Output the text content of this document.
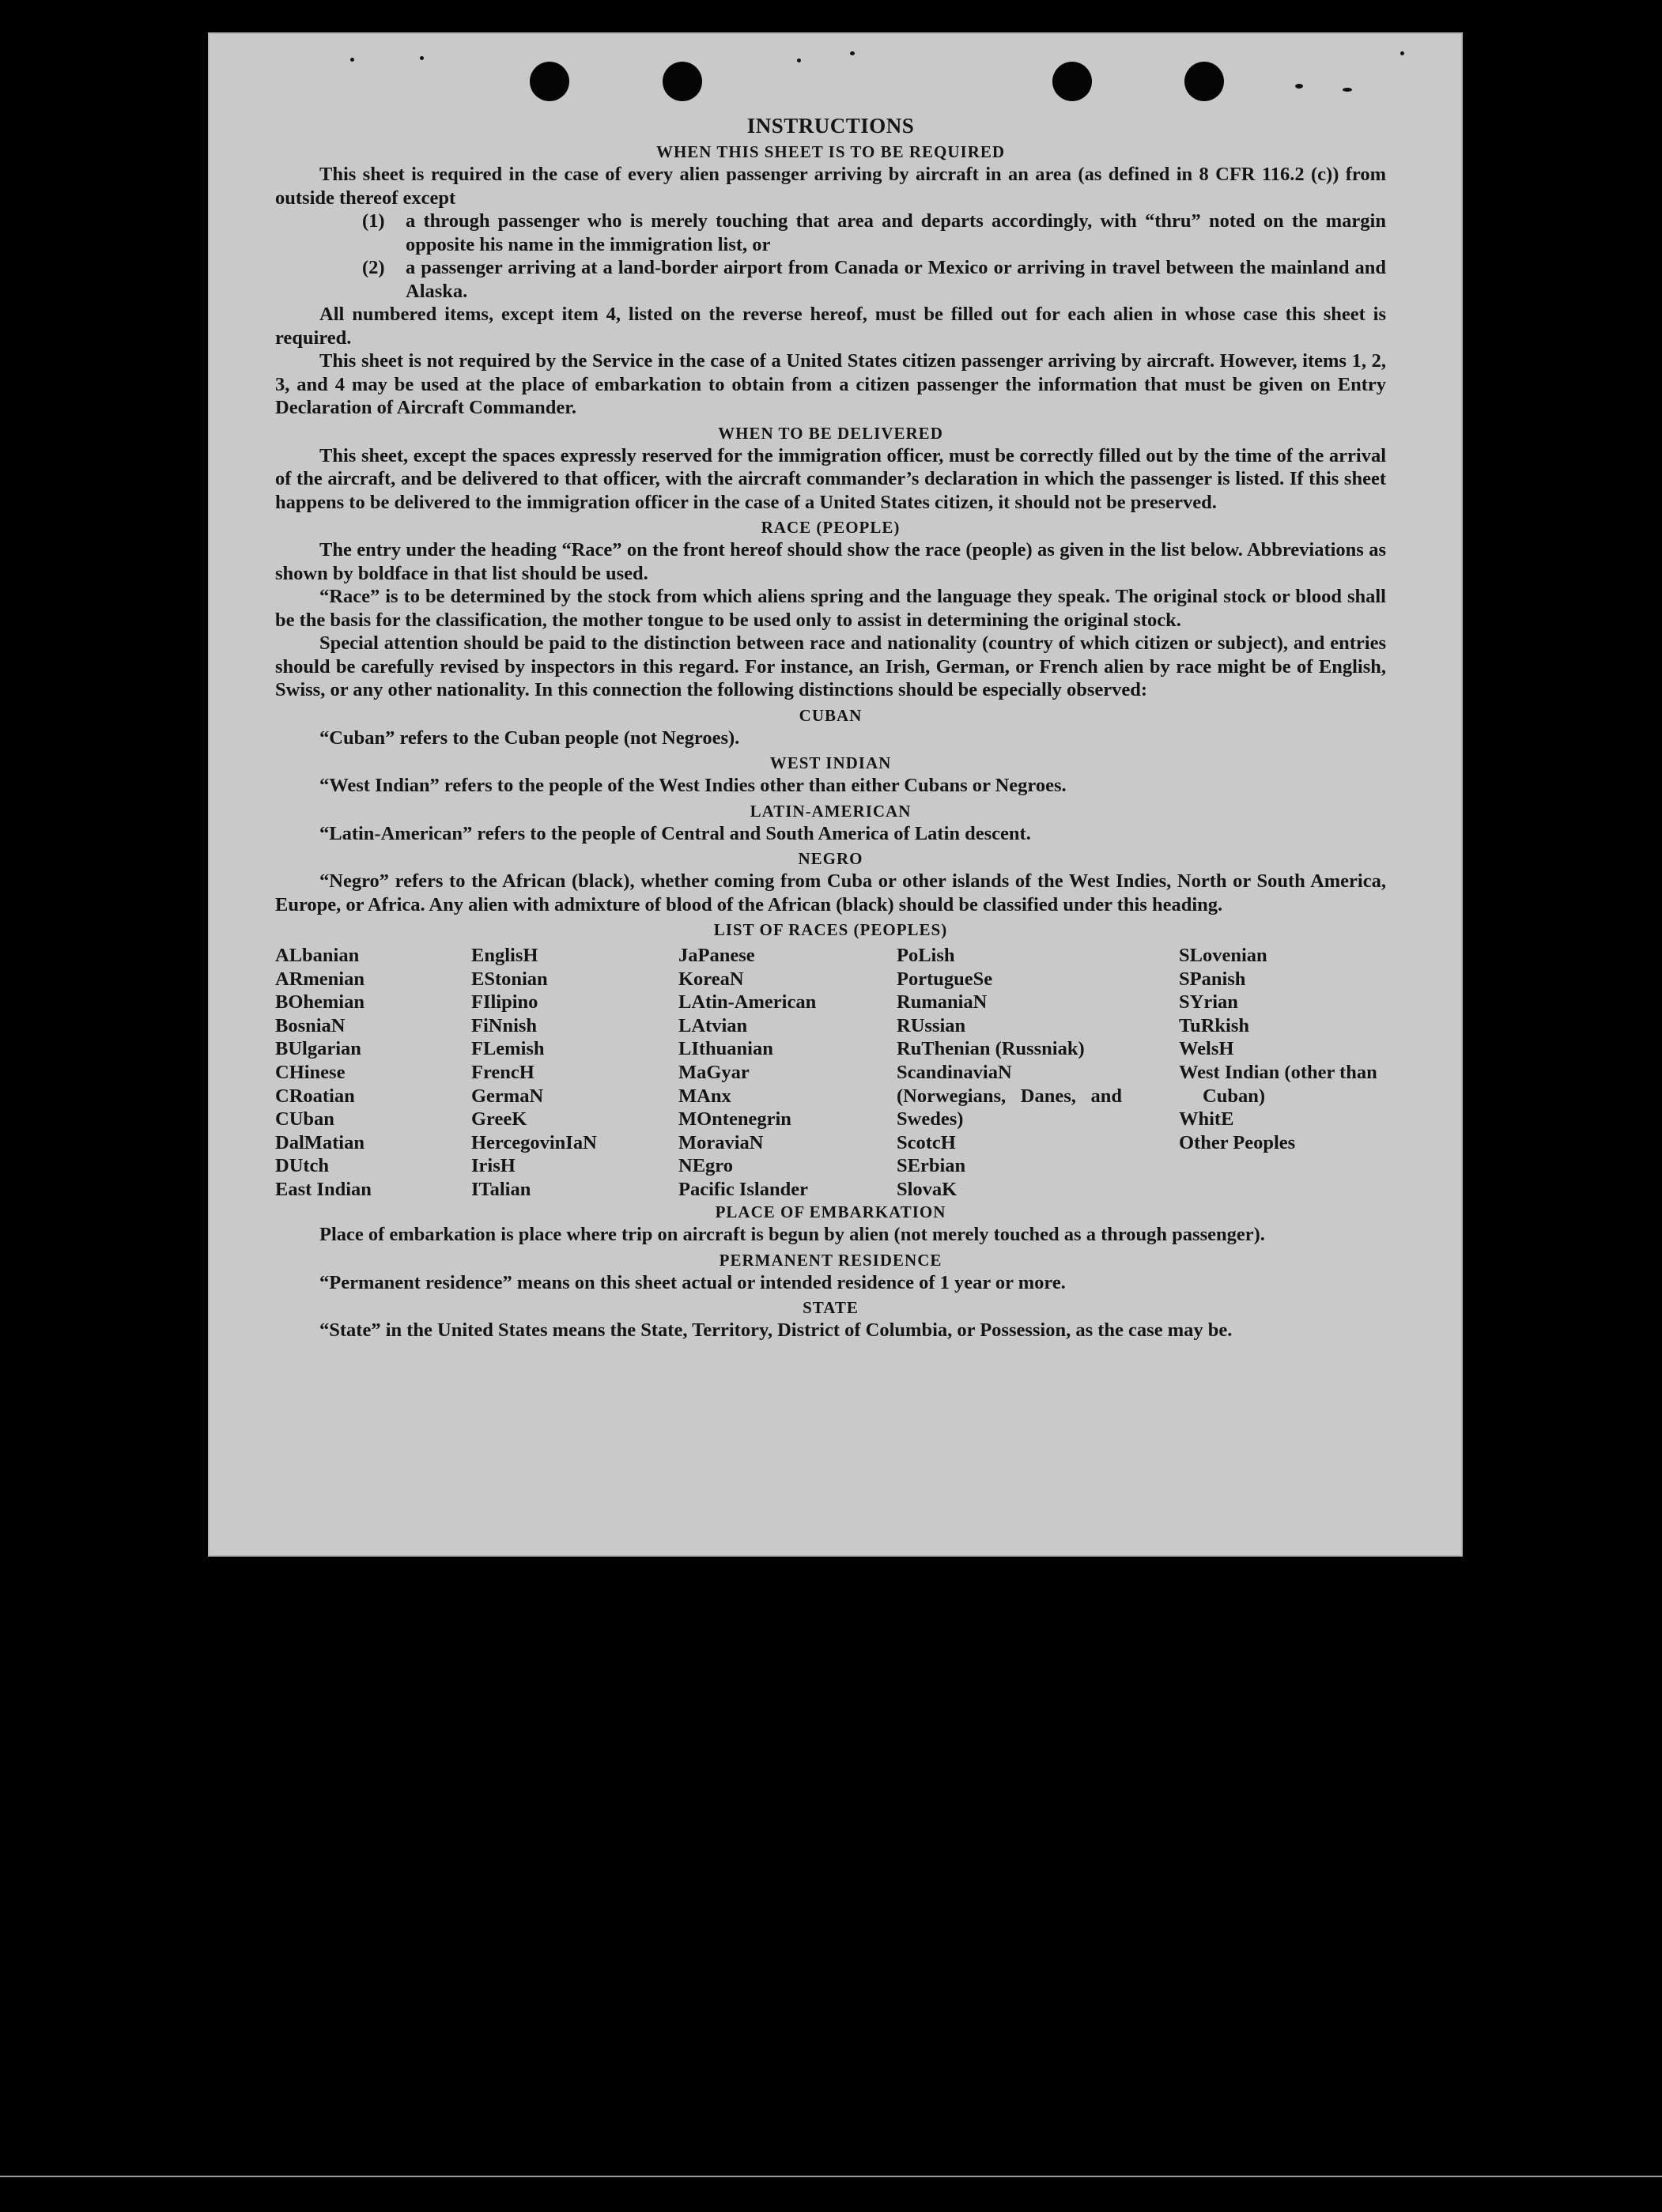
INSTRUCTIONS
WHEN THIS SHEET IS TO BE REQUIRED

This sheet is required in the case of every alien passenger arriving by aircraft in an area (as defined in 8 CFR 116.2 (c)) from outside thereof except

(1) a through passenger who is merely touching that area and departs accordingly, with “thru” noted on the margin opposite his name in the immigration list, or
(2) a passenger arriving at a land-border airport from Canada or Mexico or arriving in travel between the mainland and Alaska.

All numbered items, except item 4, listed on the reverse hereof, must be filled out for each alien in whose case this sheet is required.

This sheet is not required by the Service in the case of a United States citizen passenger arriving by aircraft. However, items 1, 2, 3, and 4 may be used at the place of embarkation to obtain from a citizen passenger the information that must be given on Entry Declaration of Aircraft Commander.

WHEN TO BE DELIVERED

This sheet, except the spaces expressly reserved for the immigration officer, must be correctly filled out by the time of the arrival of the aircraft, and be delivered to that officer, with the aircraft commander’s declaration in which the passenger is listed. If this sheet happens to be delivered to the immigration officer in the case of a United States citizen, it should not be preserved.

RACE (PEOPLE)

The entry under the heading “Race” on the front hereof should show the race (people) as given in the list below. Abbreviations as shown by boldface in that list should be used.

“Race” is to be determined by the stock from which aliens spring and the language they speak. The original stock or blood shall be the basis for the classification, the mother tongue to be used only to assist in determining the original stock.

Special attention should be paid to the distinction between race and nationality (country of which citizen or subject), and entries should be carefully revised by inspectors in this regard. For instance, an Irish, German, or French alien by race might be of English, Swiss, or any other nationality. In this connection the following distinctions should be especially observed:

CUBAN

“Cuban” refers to the Cuban people (not Negroes).

WEST INDIAN

“West Indian” refers to the people of the West Indies other than either Cubans or Negroes.

LATIN-AMERICAN

“Latin-American” refers to the people of Central and South America of Latin descent.

NEGRO

“Negro” refers to the African (black), whether coming from Cuba or other islands of the West Indies, North or South America, Europe, or Africa. Any alien with admixture of blood of the African (black) should be classified under this heading.

LIST OF RACES (PEOPLES)
ALbanian
ARmenian
BOhemian
BosniaN
BUlgarian
CHinese
CRoatian
CUban
DalMatian
DUtch
East Indian
EnglisH
EStonian
FIlipino
FiNnish
FLemish
FrencH
GermaN
GreeK
HercegovinIaN
IrisH
ITalian
JaPanese
KoreaN
LAtin-American
LAtvian
LIthuanian
MaGyar
MAnx
MOntenegrin
MoraviaN
NEgro
Pacific Islander
PoLish
PortugueSe
RumaniaN
RUssian
RuThenian (Russniak)
ScandinaviaN (Norwegians, Danes, and Swedes)
ScotcH
SErbian
SlovaK
SLovenian
SPanish
SYrian
TuRkish
WelsH
West Indian (other than Cuban)
WhitE
Other Peoples
PLACE OF EMBARKATION

Place of embarkation is place where trip on aircraft is begun by alien (not merely touched as a through passenger).

PERMANENT RESIDENCE

“Permanent residence” means on this sheet actual or intended residence of 1 year or more.

STATE

“State” in the United States means the State, Territory, District of Columbia, or Possession, as the case may be.
